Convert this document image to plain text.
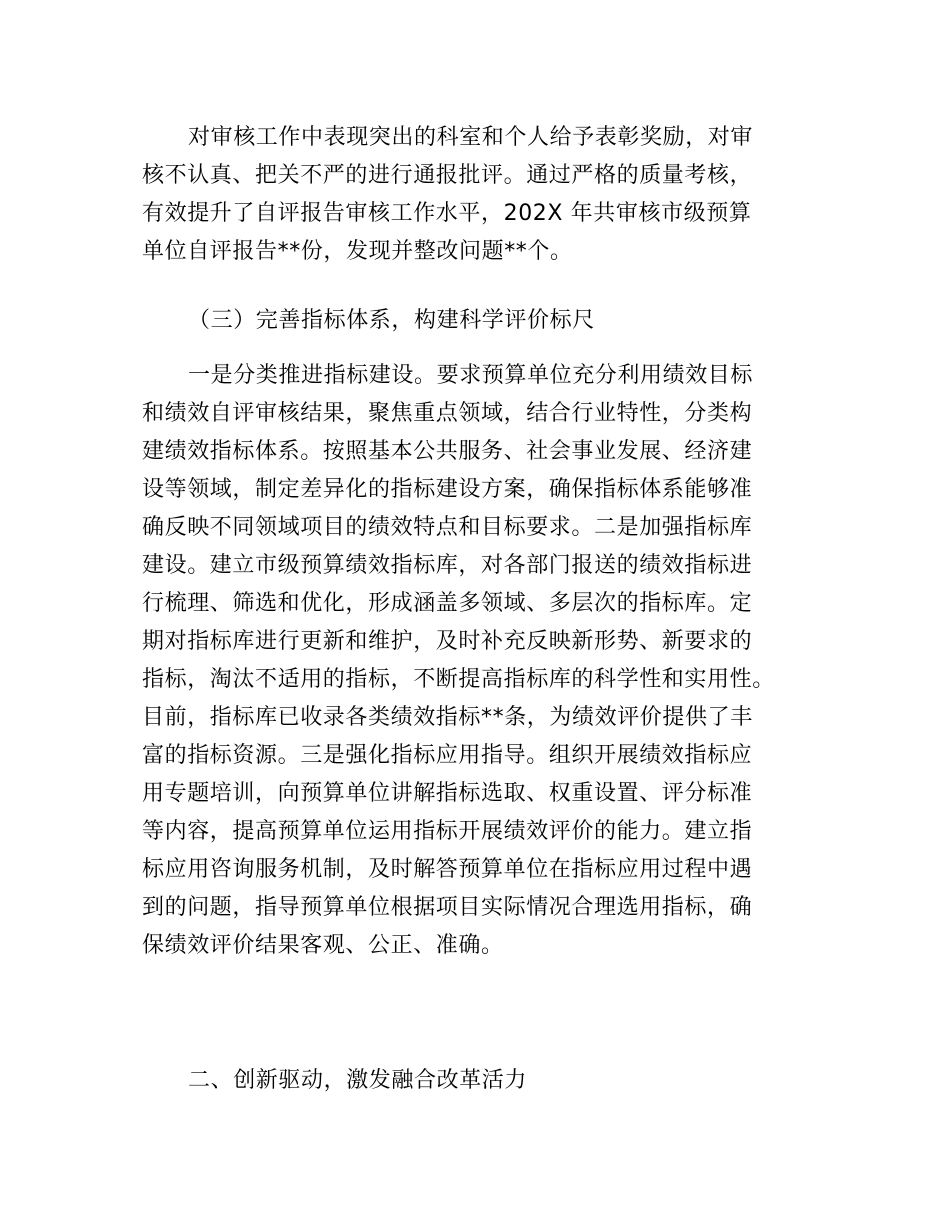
对审核工作中表现突出的科室和个人给予表彰奖励，对审
核不认真、把关不严的进行通报批评。通过严格的质量考核，
有效提升了自评报告审核工作水平，202X 年共审核市级预算
单位自评报告**份，发现并整改问题**个。
（三）完善指标体系，构建科学评价标尺
一是分类推进指标建设。要求预算单位充分利用绩效目标
和绩效自评审核结果，聚焦重点领域，结合行业特性，分类构
建绩效指标体系。按照基本公共服务、社会事业发展、经济建
设等领域，制定差异化的指标建设方案，确保指标体系能够准
确反映不同领域项目的绩效特点和目标要求。二是加强指标库
建设。建立市级预算绩效指标库，对各部门报送的绩效指标进
行梳理、筛选和优化，形成涵盖多领域、多层次的指标库。定
期对指标库进行更新和维护，及时补充反映新形势、新要求的
指标，淘汰不适用的指标，不断提高指标库的科学性和实用性。
目前，指标库已收录各类绩效指标**条，为绩效评价提供了丰
富的指标资源。三是强化指标应用指导。组织开展绩效指标应
用专题培训，向预算单位讲解指标选取、权重设置、评分标准
等内容，提高预算单位运用指标开展绩效评价的能力。建立指
标应用咨询服务机制，及时解答预算单位在指标应用过程中遇
到的问题，指导预算单位根据项目实际情况合理选用指标，确
保绩效评价结果客观、公正、准确。
二、创新驱动，激发融合改革活力
